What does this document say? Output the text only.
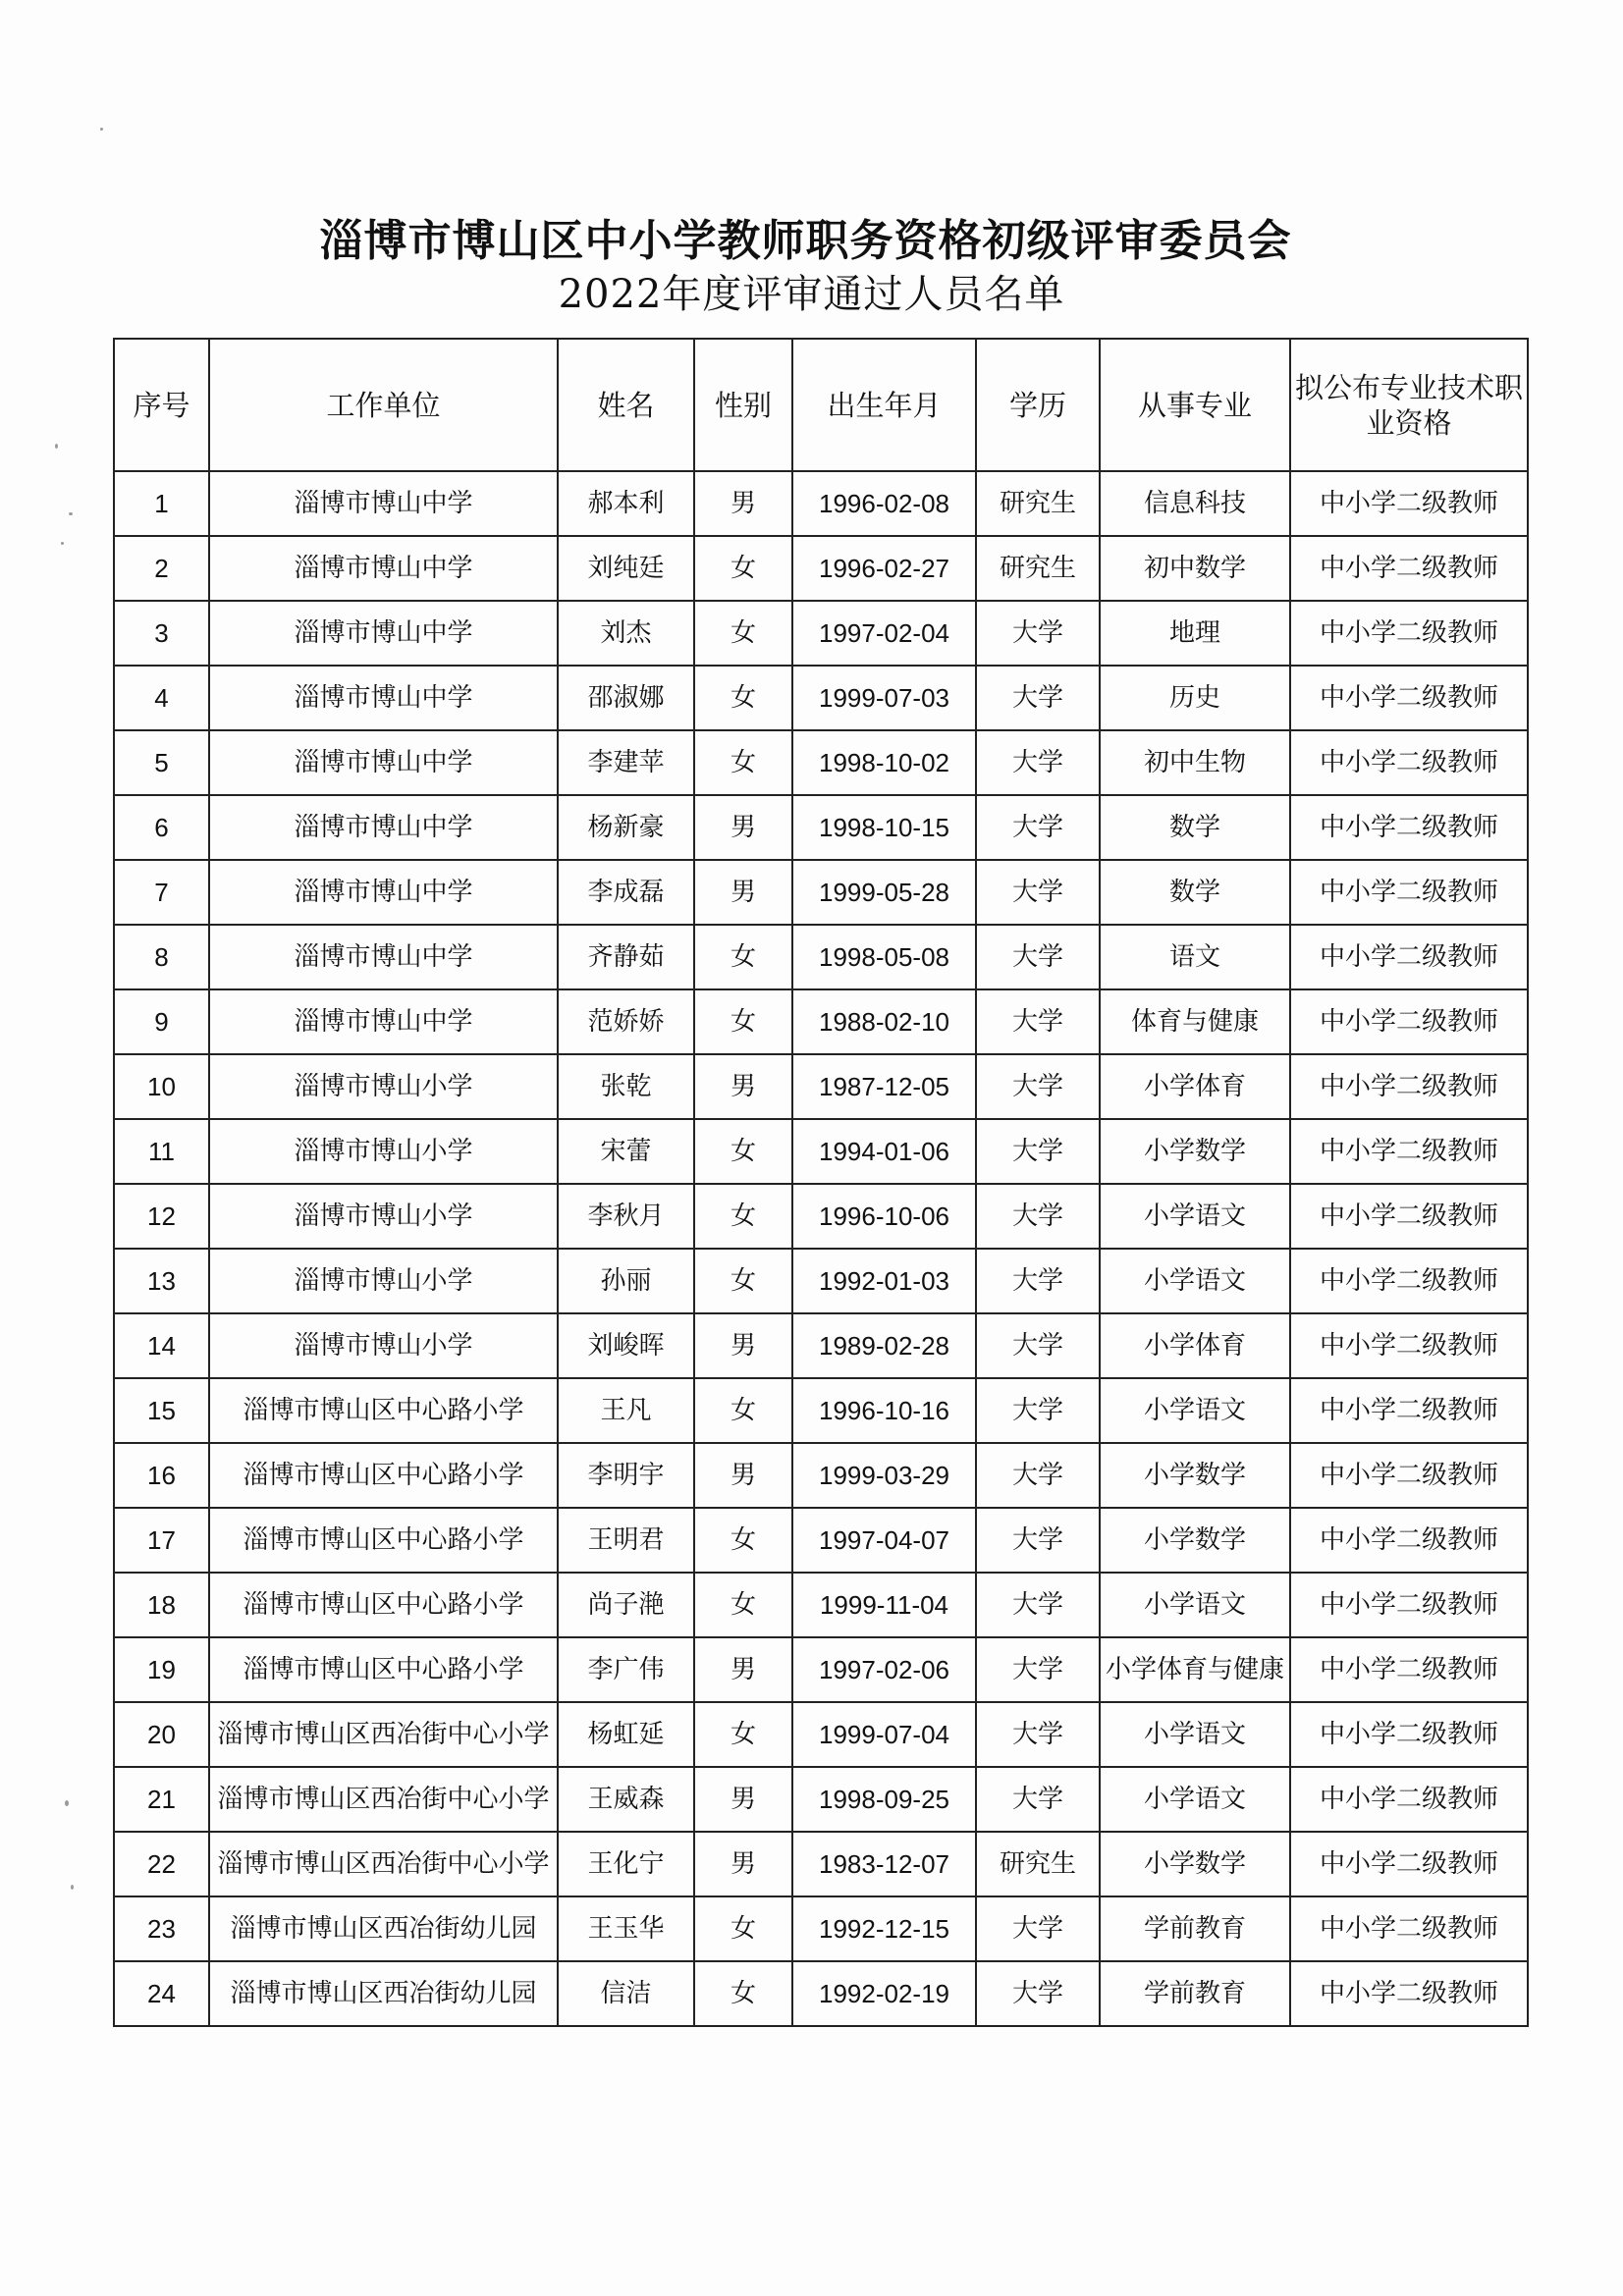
淄博市博山区中小学教师职务资格初级评审委员会
2022年度评审通过人员名单
序号	工作单位	姓名	性别	出生年月	学历	从事专业	拟公布专业技术职业资格
1	淄博市博山中学	郝本利	男	1996-02-08	研究生	信息科技	中小学二级教师
2	淄博市博山中学	刘纯廷	女	1996-02-27	研究生	初中数学	中小学二级教师
3	淄博市博山中学	刘杰	女	1997-02-04	大学	地理	中小学二级教师
4	淄博市博山中学	邵淑娜	女	1999-07-03	大学	历史	中小学二级教师
5	淄博市博山中学	李建苹	女	1998-10-02	大学	初中生物	中小学二级教师
6	淄博市博山中学	杨新豪	男	1998-10-15	大学	数学	中小学二级教师
7	淄博市博山中学	李成磊	男	1999-05-28	大学	数学	中小学二级教师
8	淄博市博山中学	齐静茹	女	1998-05-08	大学	语文	中小学二级教师
9	淄博市博山中学	范娇娇	女	1988-02-10	大学	体育与健康	中小学二级教师
10	淄博市博山小学	张乾	男	1987-12-05	大学	小学体育	中小学二级教师
11	淄博市博山小学	宋蕾	女	1994-01-06	大学	小学数学	中小学二级教师
12	淄博市博山小学	李秋月	女	1996-10-06	大学	小学语文	中小学二级教师
13	淄博市博山小学	孙丽	女	1992-01-03	大学	小学语文	中小学二级教师
14	淄博市博山小学	刘峻晖	男	1989-02-28	大学	小学体育	中小学二级教师
15	淄博市博山区中心路小学	王凡	女	1996-10-16	大学	小学语文	中小学二级教师
16	淄博市博山区中心路小学	李明宇	男	1999-03-29	大学	小学数学	中小学二级教师
17	淄博市博山区中心路小学	王明君	女	1997-04-07	大学	小学数学	中小学二级教师
18	淄博市博山区中心路小学	尚子滟	女	1999-11-04	大学	小学语文	中小学二级教师
19	淄博市博山区中心路小学	李广伟	男	1997-02-06	大学	小学体育与健康	中小学二级教师
20	淄博市博山区西冶街中心小学	杨虹延	女	1999-07-04	大学	小学语文	中小学二级教师
21	淄博市博山区西冶街中心小学	王威森	男	1998-09-25	大学	小学语文	中小学二级教师
22	淄博市博山区西冶街中心小学	王化宁	男	1983-12-07	研究生	小学数学	中小学二级教师
23	淄博市博山区西冶街幼儿园	王玉华	女	1992-12-15	大学	学前教育	中小学二级教师
24	淄博市博山区西冶街幼儿园	信洁	女	1992-02-19	大学	学前教育	中小学二级教师
